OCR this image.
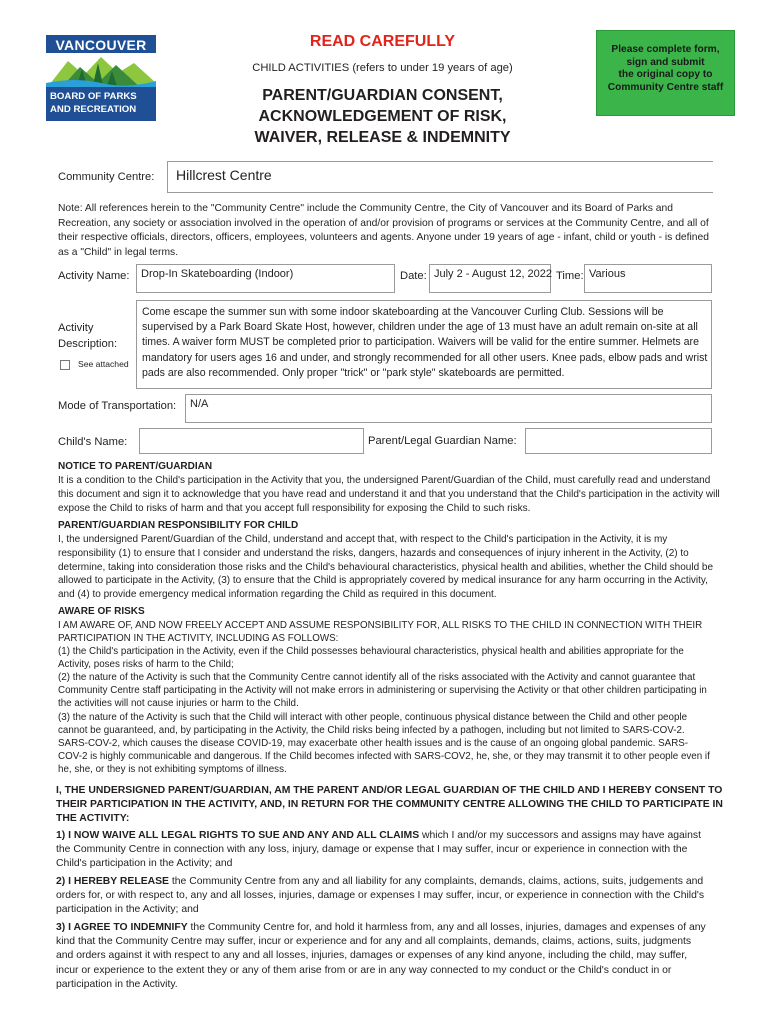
VANCOUVER
BOARD OF PARKS
AND RECREATION
READ CAREFULLY
CHILD ACTIVITIES (refers to under 19 years of age)
PARENT/GUARDIAN CONSENT,
ACKNOWLEDGEMENT OF RISK,
WAIVER, RELEASE & INDEMNITY
Please complete form,
sign and submit
the original copy to
Community Centre staff
Community Centre: Hillcrest Centre
Note: All references herein to the "Community Centre" include the Community Centre, the City of Vancouver and its Board of Parks and Recreation, any society or association involved in the operation of and/or provision of programs or services at the Community Centre, and all of their respective officials, directors, officers, employees, volunteers and agents. Anyone under 19 years of age - infant, child or youth - is defined as a "Child" in legal terms.
Activity Name: Drop-In Skateboarding (Indoor)	Date: July 2 - August 12, 2022 Time: Various
Activity
Description:
See attached
Come escape the summer sun with some indoor skateboarding at the Vancouver Curling Club. Sessions will be supervised by a Park Board Skate Host, however, children under the age of 13 must have an adult remain on-site at all times. A waiver form MUST be completed prior to participation. Waivers will be valid for the entire summer. Helmets are mandatory for users ages 16 and under, and strongly recommended for all other users. Knee pads, elbow pads and wrist pads are also recommended. Only proper "trick" or "park style" skateboards are permitted.
Mode of Transportation: N/A
Child's Name:	Parent/Legal Guardian Name:
NOTICE TO PARENT/GUARDIAN
It is a condition to the Child's participation in the Activity that you, the undersigned Parent/Guardian of the Child, must carefully read and understand this document and sign it to acknowledge that you have read and understand it and that you understand that the Child's participation in the activity will expose the Child to risks of harm and that you accept full responsibility for exposing the Child to such risks.
PARENT/GUARDIAN RESPONSIBILITY FOR CHILD
I, the undersigned Parent/Guardian of the Child, understand and accept that, with respect to the Child's participation in the Activity, it is my responsibility (1) to ensure that I consider and understand the risks, dangers, hazards and consequences of injury inherent in the Activity, (2) to determine, taking into consideration those risks and the Child's behavioural characteristics, physical health and abilities, whether the Child should be allowed to participate in the Activity, (3) to ensure that the Child is appropriately covered by medical insurance for any harm occurring in the Activity, and (4) to provide emergency medical information regarding the Child as required in this document.
AWARE OF RISKS
I AM AWARE OF, AND NOW FREELY ACCEPT AND ASSUME RESPONSIBILITY FOR, ALL RISKS TO THE CHILD IN CONNECTION WITH THEIR PARTICIPATION IN THE ACTIVITY, INCLUDING AS FOLLOWS:
(1) the Child's participation in the Activity, even if the Child possesses behavioural characteristics, physical health and abilities appropriate for the Activity, poses risks of harm to the Child;
(2) the nature of the Activity is such that the Community Centre cannot identify all of the risks associated with the Activity and cannot guarantee that Community Centre staff participating in the Activity will not make errors in administering or supervising the Activity or that other children participating in the activities will not cause injuries or harm to the Child.
(3) the nature of the Activity is such that the Child will interact with other people, continuous physical distance between the Child and other people cannot be guaranteed, and, by participating in the Activity, the Child risks being infected by a pathogen, including but not limited to SARS-COV-2. SARS-COV-2, which causes the disease COVID-19, may exacerbate other health issues and is the cause of an ongoing global pandemic. SARS-COV-2 is highly communicable and dangerous. If the Child becomes infected with SARS-COV2, he, she, or they may transmit it to other people even if he, she, or they is not exhibiting symptoms of illness.
I, THE UNDERSIGNED PARENT/GUARDIAN, AM THE PARENT AND/OR LEGAL GUARDIAN OF THE CHILD AND I HEREBY CONSENT TO THEIR PARTICIPATION IN THE ACTIVITY, AND, IN RETURN FOR THE COMMUNITY CENTRE ALLOWING THE CHILD TO PARTICIPATE IN THE ACTIVITY:
1) I NOW WAIVE ALL LEGAL RIGHTS TO SUE AND ANY AND ALL CLAIMS which I and/or my successors and assigns may have against the Community Centre in connection with any loss, injury, damage or expense that I may suffer, incur or experience in connection with the Child's participation in the Activity; and
2) I HEREBY RELEASE the Community Centre from any and all liability for any complaints, demands, claims, actions, suits, judgements and orders for, or with respect to, any and all losses, injuries, damage or expenses I may suffer, incur, or experience in connection with the Child's participation in the Activity; and
3) I AGREE TO INDEMNIFY the Community Centre for, and hold it harmless from, any and all losses, injuries, damages and expenses of any kind that the Community Centre may suffer, incur or experience and for any and all complaints, demands, claims, actions, suits, judgments and orders against it with respect to any and all losses, injuries, damages or expenses of any kind anyone, including the child, may suffer, incur or experience to the extent they or any of them arise from or are in any way connected to my conduct or the Child's conduct in or participation in the Activity.
